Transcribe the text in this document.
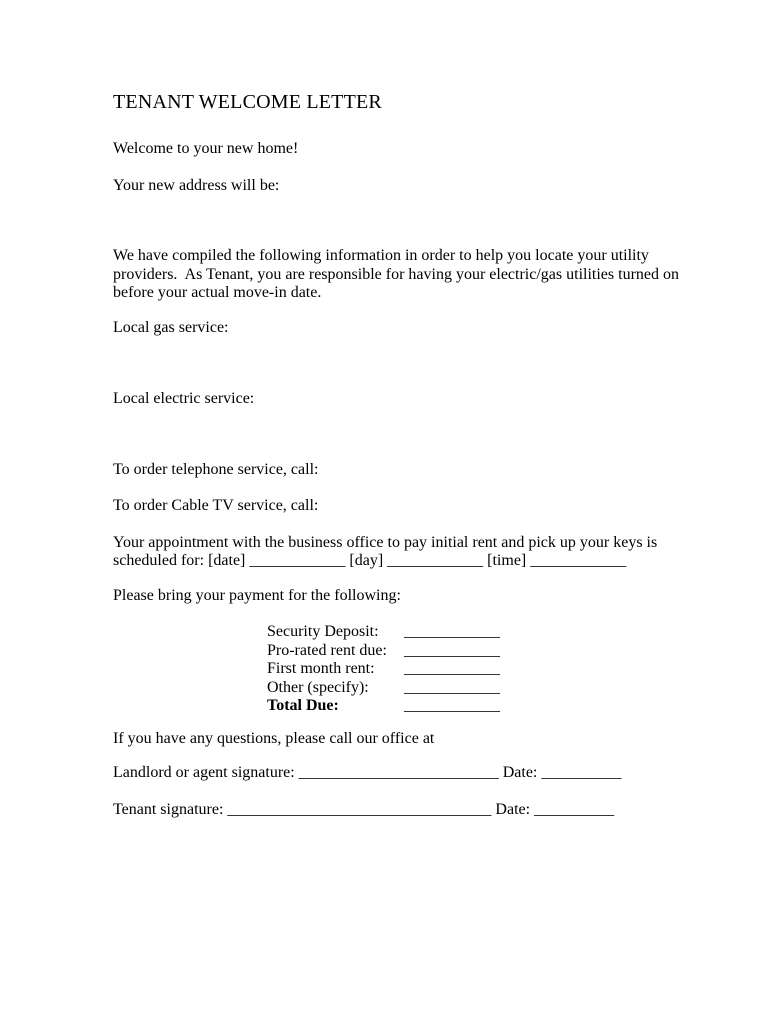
TENANT WELCOME LETTER
Welcome to your new home!
Your new address will be:
We have compiled the following information in order to help you locate your utility
providers.  As Tenant, you are responsible for having your electric/gas utilities turned on
before your actual move-in date.
Local gas service:
Local electric service:
To order telephone service, call:
To order Cable TV service, call:
Your appointment with the business office to pay initial rent and pick up your keys is
scheduled for: [date] ____________ [day] ____________ [time] ____________
Please bring your payment for the following:
Security Deposit:	____________
Pro-rated rent due:	____________
First month rent:	____________
Other (specify):	____________
Total Due:	____________
If you have any questions, please call our office at
Landlord or agent signature: _________________________ Date: __________
Tenant signature: _________________________________ Date: __________
